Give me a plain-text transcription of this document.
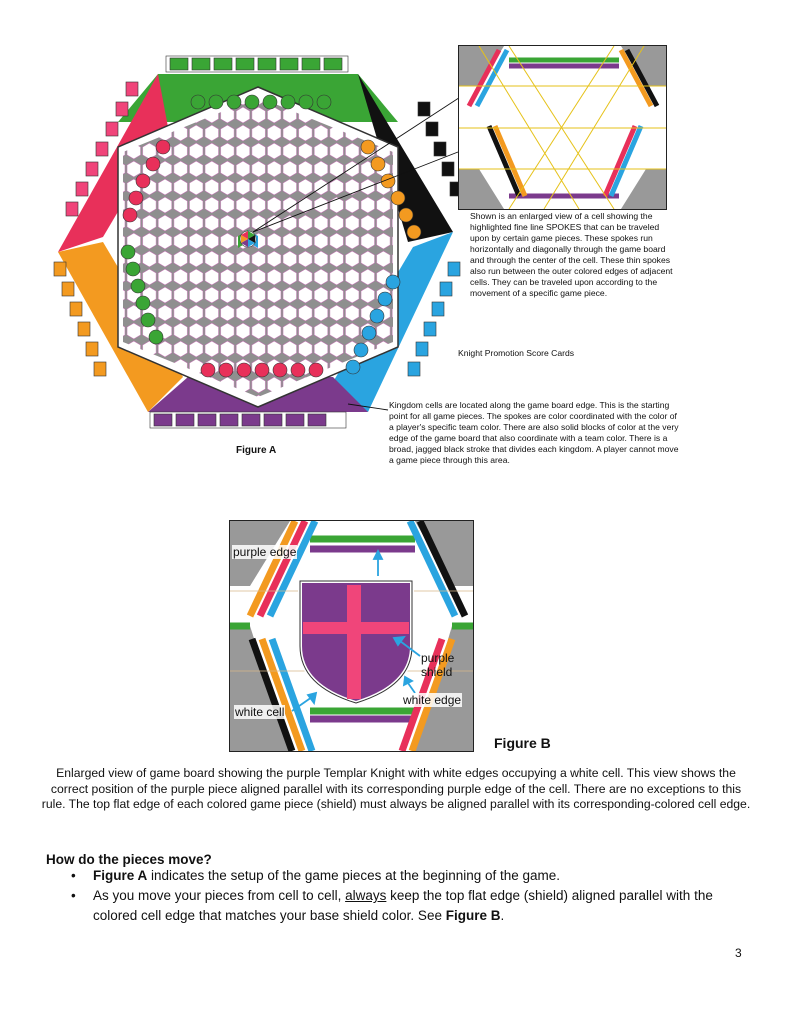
Shown is an enlarged view of a cell showing the highlighted fine line SPOKES that can be traveled upon by certain game pieces. These spokes run horizontally and diagonally through the game board and through the center of the cell. These thin spokes also run between the outer colored edges of adjacent cells. They can be traveled upon according to the movement of a specific game piece.
Knight Promotion Score Cards
Kingdom cells are located along the game board edge. This is the starting point for all game pieces. The spokes are color coordinated with the color of a player's specific team color. There are also solid blocks of color at the very edge of the game board that also coordinate with a team color. There is a broad, jagged black stroke that divides each kingdom. A player cannot move a game piece through this area.
Figure A
purple edge
purple shield
white edge
white cell
Figure B
Enlarged view of game board showing the purple Templar Knight with white edges occupying a white cell. This view shows the correct position of the purple piece aligned parallel with its corresponding purple edge of the cell. There are no exceptions to this rule. The top flat edge of each colored game piece (shield) must always be aligned parallel with its corresponding-colored cell edge.
How do the pieces move?
• Figure A indicates the setup of the game pieces at the beginning of the game.
• As you move your pieces from cell to cell, always keep the top flat edge (shield) aligned parallel with the colored cell edge that matches your base shield color. See Figure B.
3
